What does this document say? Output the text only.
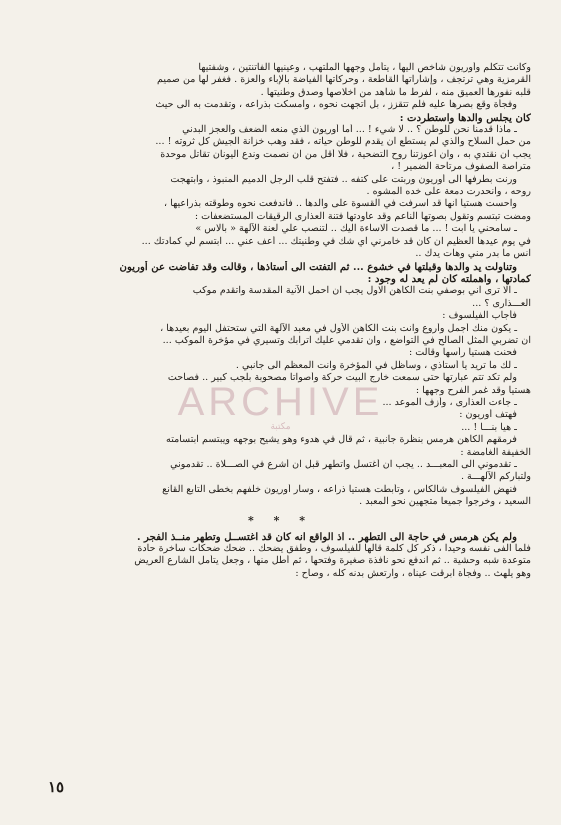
وكانت تتكلم وأوريون شاخص اليها ، يتأمل وجهها الملتهب ، وعينيها الفاتنتين ، وشفتيها

القرمزية وهي ترتجف ، وإشاراتها القاطعة ، وحركاتها الفياضة بالإباء والعزة . فغفر لها من صميم

قلبه نفورها العميق منه ، لفرط ما شاهد من اخلاصها وصدق وطنيتها .

وفجأة وقع بصرها عليه فلم تتقزز ، بل اتجهت نحوه ، وامسكت بذراعه ، وتقدمت به الى حيث

كان يجلس والدها واستطردت :

ـ ماذا قدمنا نحن للوطن ؟ .. لا شيء ! ... أما أوريون الذي منعه الضعف والعجز البدني

من حمل السلاح والذي لم يستطع ان يقدم للوطن حياته ، فقد وهب خزانة الجيش كل ثروته ! ...

يجب ان نقتدي به ، وان أعوزتنا روح التضحية ، فلا أقل من ان نصمت وندع اليونان تقاتل موحدة

متراصة الصفوف مرتاحة الضمير ! ،

ورنت بطرفها الى أوريون وربتت على كتفه .. فتفتح قلب الرجل الدميم المنبوذ ، وابتهجت

روحه ، وانحدرت دمعة على خده المشوه .

واحست هستيا انها قد اسرفت في القسوة على والدها .. فاندفعت نحوه وطوقته بذراعيها ،

ومضت تبتسم وتقول بصوتها الناعم وقد عاودتها فتنة العذارى الرقيقات المستضعفات :

ـ سامحني يا ابت ! ... ما قصدت الاساءة اليك .. لتنصب علي لعنة الآلهة « بالاس »

في يوم عيدها العظيم ان كان قد خامرني اي شك في وطنيتك ... أعف عني ... ابتسم لي كمادتك ...

انس ما بدر مني وهات يدك ..

وتناولت يد والدها وقبلتها في خشوع ... ثم التفتت الى أستاذها ، وقالت وقد تفاضت عن أوريون

كمادتها ، واهملته كان لم يعد له وجود :

ـ الا ترى اني بوصفي بنت الكاهن الاول يجب ان احمل الآنية المقدسة واتقدم موكب

العـــذارى ؟ ...

فأجاب الفيلسوف :

ـ يكون منك أجمل وأروع وانت بنت الكاهن الأول في معبد الآلهة التي ستحتفل اليوم بعيدها ،

ان تضربي المثل الصالح في التواضع ، وان تقدمي عليك اترابك وتسيري في مؤخرة الموكب ...

فحنت هستيا رأسها وقالت :

ـ لك ما تريد يا أستاذي ، وسأظل في المؤخرة وانت المعظم الى جانبي .

ولم تكد تتم عبارتها حتى سمعت خارج البيت حركة وأصواتا مصحوبة بلجب كبير .. فصاحت

هستيا وقد غمر الفرح وجهها :

ـ جاءت العذارى ، وأزف الموعد ...

فهتف أوريون :

ـ هيا بنـــا ! ...

فرمقهم الكاهن هرمس بنظرة جانبية ، ثم قال في هدوء وهو يشيح بوجهه ويبتسم ابتسامته

الخفيفة الغامضة :

ـ تقدموني الى المعبـــد .. يجب ان أغتسل واتطهر قبل ان أشرع في الصـــلاة .. تقدموني

ولتباركم الآلهـــة .

فنهض الفيلسوف شالكاس ، وتأبطت هستيا ذراعه ، وسار أوريون خلفهم بخطى التابع القانع

السعيد ، وخرجوا جميعا متجهين نحو المعبد .

* * *

ولم يكن هرمس في حاجة الى التطهر .. اذ الواقع انه كان قد اغتســل وتطهر منــذ الفجر .

فلما الفى نفسه وحيدا ، ذكر كل كلمة قالها للفيلسوف ، وطفق يضحك .. ضحك ضحكات ساخرة حادة

متوعدة شبه وحشية .. ثم اندفع نحو نافذة صغيرة وفتحها ، ثم أطل منها ، وجعل يتأمل الشارع العريض

وهو يلهث .. وفجأة ابرقت عيناه ، وارتعش بدنه كله ، وصاح :

ARCHIVE
مكتبة
١٥
